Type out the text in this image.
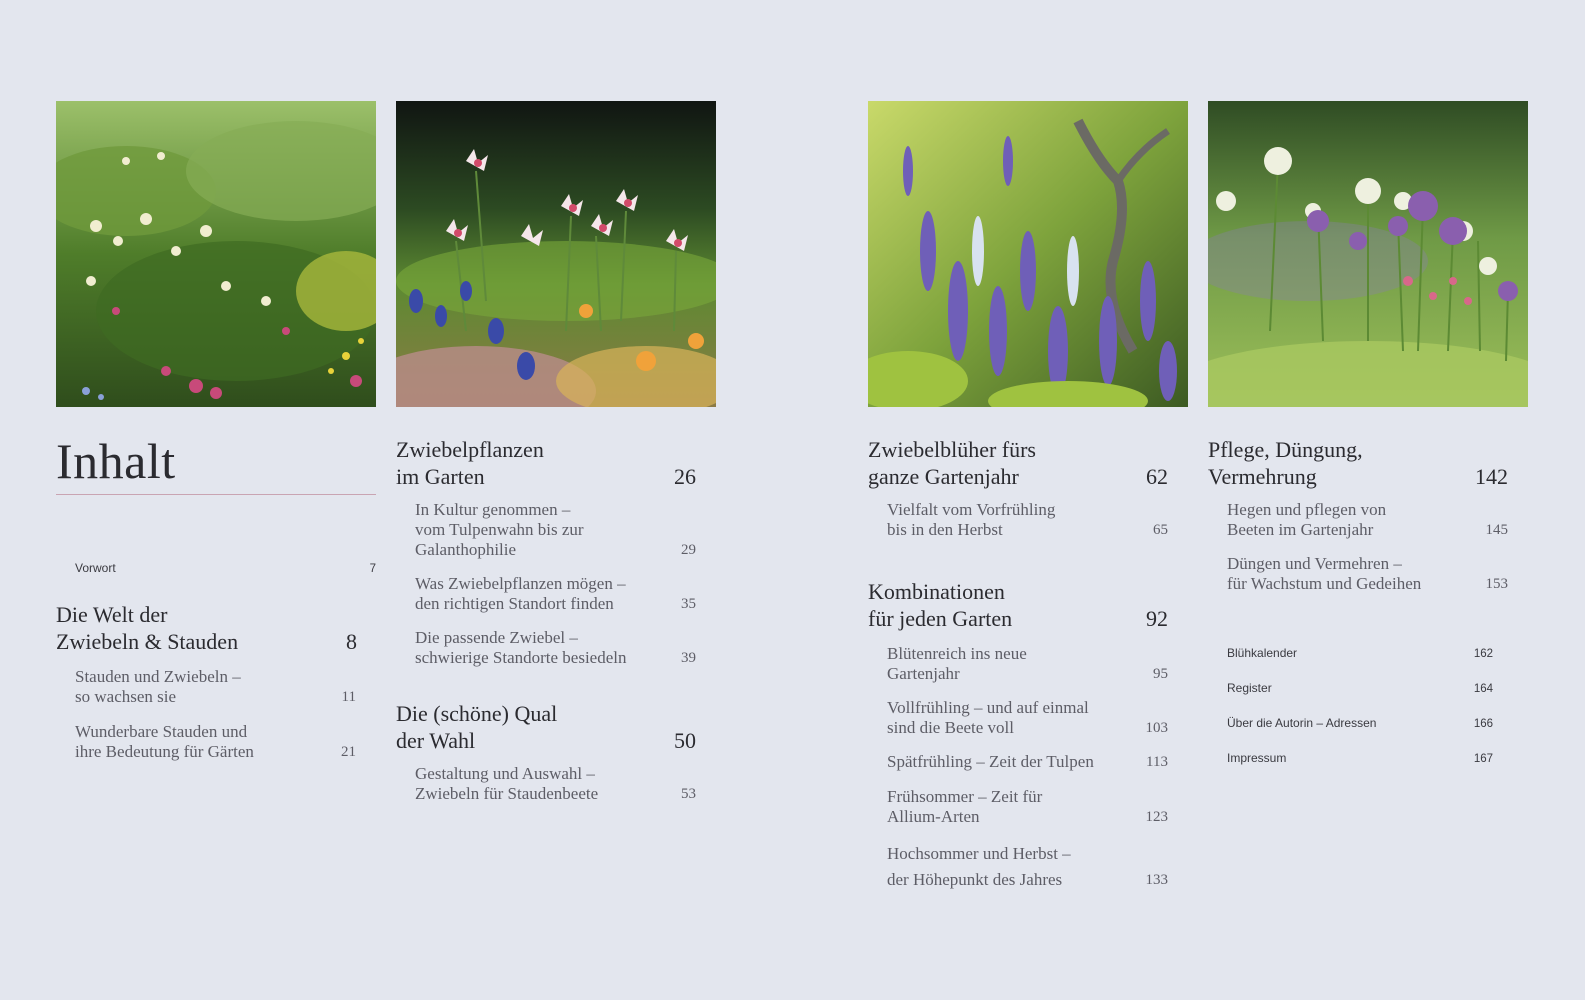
Inhalt
Vorwort	7
Die Welt der
Zwiebeln & Stauden	8
Stauden und Zwiebeln –
so wachsen sie	11
Wunderbare Stauden und
ihre Bedeutung für Gärten	21
Zwiebelpflanzen
im Garten	26
In Kultur genommen –
vom Tulpenwahn bis zur
Galanthophilie	29
Was Zwiebelpflanzen mögen –
den richtigen Standort finden	35
Die passende Zwiebel –
schwierige Standorte besiedeln	39
Die (schöne) Qual
der Wahl	50
Gestaltung und Auswahl –
Zwiebeln für Staudenbeete	53
Zwiebelblüher fürs
ganze Gartenjahr	62
Vielfalt vom Vorfrühling
bis in den Herbst	65
Kombinationen
für jeden Garten	92
Blütenreich ins neue
Gartenjahr	95
Vollfrühling – und auf einmal
sind die Beete voll	103
Spätfrühling – Zeit der Tulpen	113
Frühsommer – Zeit für
Allium-Arten	123
Hochsommer und Herbst –
der Höhepunkt des Jahres	133
Pflege, Düngung,
Vermehrung	142
Hegen und pflegen von
Beeten im Gartenjahr	145
Düngen und Vermehren –
für Wachstum und Gedeihen	153
Blühkalender	162
Register	164
Über die Autorin – Adressen	166
Impressum	167
